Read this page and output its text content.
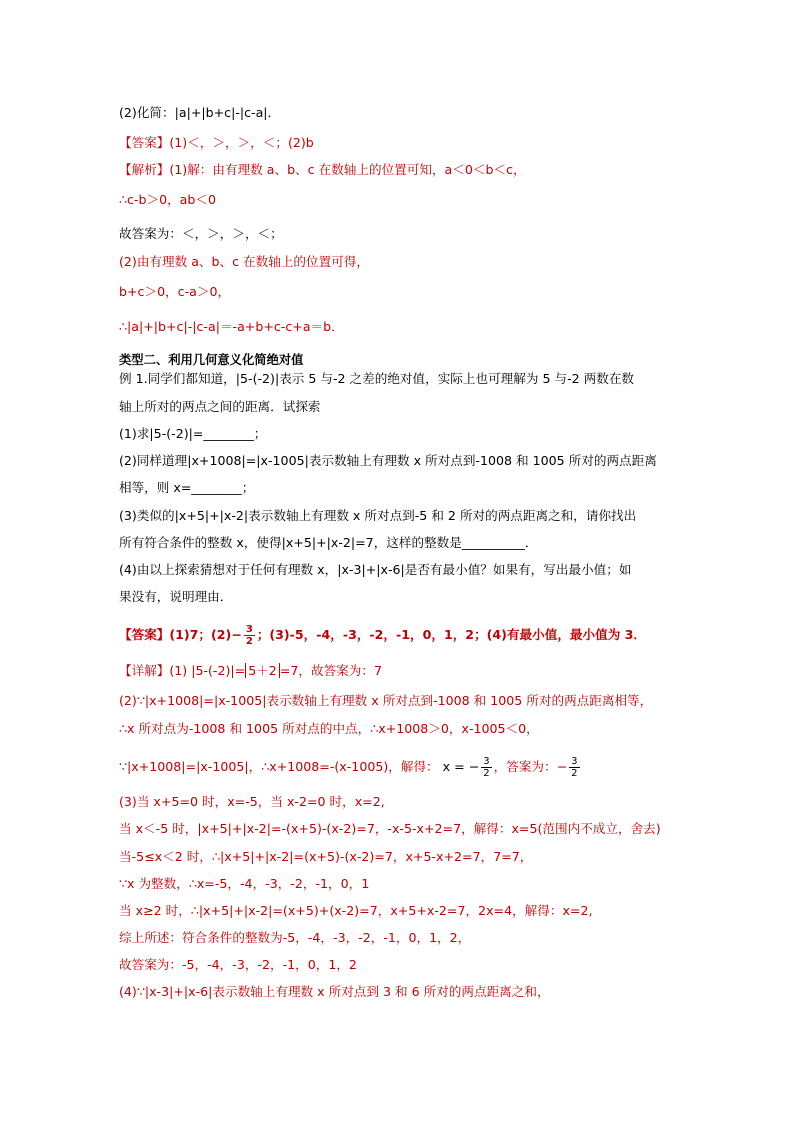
(2)化简：|a|+|b+c|-|c-a|．
【答案】(1)＜，＞，＞，＜；(2)b
【解析】(1)解：由有理数 a、b、c 在数轴上的位置可知，a＜0＜b＜c，
∴c-b＞0，ab＜0
故答案为：＜，＞，＞，＜；
(2)由有理数 a、b、c 在数轴上的位置可得，
b+c＞0，c-a＞0，
∴|a|+|b+c|-|c-a|＝-a+b+c-c+a＝b．
类型二、利用几何意义化简绝对值
例 1.同学们都知道，|5-(-2)|表示 5 与-2 之差的绝对值，实际上也可理解为 5 与-2 两数在数
轴上所对的两点之间的距离．试探索
(1)求|5-(-2)|=________；
(2)同样道理|x+1008|=|x-1005|表示数轴上有理数 x 所对点到-1008 和 1005 所对的两点距离
相等，则 x=________；
(3)类似的|x+5|+|x-2|表示数轴上有理数 x 所对点到-5 和 2 所对的两点距离之和，请你找出
所有符合条件的整数 x，使得|x+5|+|x-2|=7，这样的整数是__________．
(4)由以上探索猜想对于任何有理数 x，|x-3|+|x-6|是否有最小值？如果有，写出最小值；如
果没有，说明理由．
【答案】(1)7；$(2)- \frac{3}{2}$ ；(3)-5，-4，-3，-2，-1，0，1，2；(4)有最小值，最小值为 3．
【详解】(1) |5-(-2)|= 5＋2 =7，故答案为：7
(2)∵|x+1008|=|x-1005|表示数轴上有理数 x 所对点到-1008 和 1005 所对的两点距离相等，
∴x 所对点为-1008 和 1005 所对点的中点，∴x+1008＞0，x-1005＜0，
∵|x+1008|=|x-1005|，∴x+1008=-(x-1005)，解得： x = − $\frac{3}{2}$ ，答案为：− $\frac{3}{2}$
(3)当 x+5=0 时，x=-5，当 x-2=0 时，x=2,
当 x＜-5 时，|x+5|+|x-2|=-(x+5)-(x-2)=7，-x-5-x+2=7，解得：x=5(范围内不成立，舍去)
当-5≤x＜2 时，∴|x+5|+|x-2|=(x+5)-(x-2)=7，x+5-x+2=7，7=7，
∵x 为整数，∴x=-5，-4，-3，-2，-1，0，1
当 x≥2 时，∴|x+5|+|x-2|=(x+5)+(x-2)=7，x+5+x-2=7，2x=4，解得：x=2,
综上所述：符合条件的整数为-5，-4，-3，-2，-1，0，1，2，
故答案为：-5，-4，-3，-2，-1，0，1，2
(4)∵|x-3|+|x-6|表示数轴上有理数 x 所对点到 3 和 6 所对的两点距离之和，
